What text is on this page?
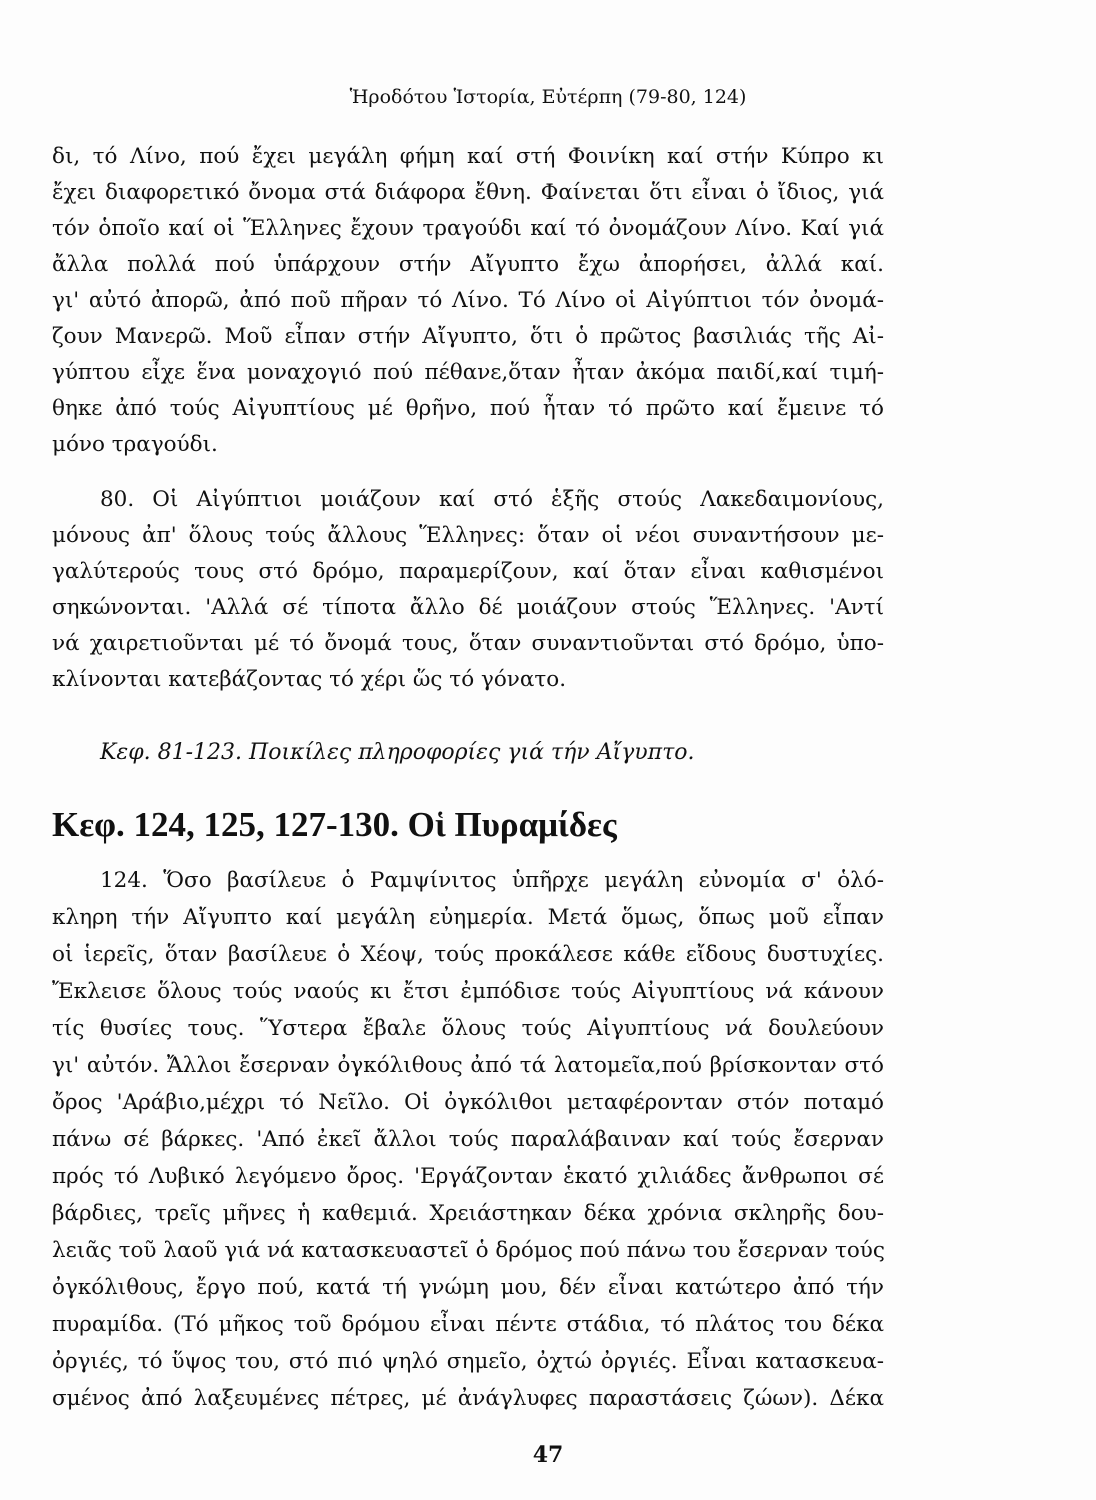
Ἡροδότου Ἱστορία, Εὐτέρπη (79-80, 124)
δι, τό Λίνο, πού ἔχει μεγάλη φήμη καί στή Φοινίκη καί στήν Κύπρο κι
ἔχει διαφορετικό ὄνομα στά διάφορα ἔθνη. Φαίνεται ὅτι εἶναι ὁ ἴδιος, γιά
τόν ὁποῖο καί οἱ Ἕλληνες ἔχουν τραγούδι καί τό ὀνομάζουν Λίνο. Καί γιά
ἄλλα πολλά πού ὑπάρχουν στήν Αἴγυπτο ἔχω ἀπορήσει, ἀλλά καί.
γι' αὐτό ἀπορῶ, ἀπό ποῦ πῆραν τό Λίνο. Τό Λίνο οἱ Αἰγύπτιοι τόν ὀνομά-
ζουν Μανερῶ. Μοῦ εἶπαν στήν Αἴγυπτο, ὅτι ὁ πρῶτος βασιλιάς τῆς Αἰ-
γύπτου εἶχε ἕνα μοναχογιό πού πέθανε,ὅταν ἦταν ἀκόμα παιδί,καί τιμή-
θηκε ἀπό τούς Αἰγυπτίους μέ θρῆνο, πού ἦταν τό πρῶτο καί ἔμεινε τό
μόνο τραγούδι.
80. Οἱ Αἰγύπτιοι μοιάζουν καί στό ἑξῆς στούς Λακεδαιμονίους,
μόνους ἀπ' ὅλους τούς ἄλλους Ἕλληνες: ὅταν οἱ νέοι συναντήσουν με-
γαλύτερούς τους στό δρόμο, παραμερίζουν, καί ὅταν εἶναι καθισμένοι
σηκώνονται. 'Αλλά σέ τίποτα ἄλλο δέ μοιάζουν στούς Ἕλληνες. 'Αντί
νά χαιρετιοῦνται μέ τό ὄνομά τους, ὅταν συναντιοῦνται στό δρόμο, ὑπο-
κλίνονται κατεβάζοντας τό χέρι ὥς τό γόνατο.
Κεφ. 81-123. Ποικίλες πληροφορίες γιά τήν Αἴγυπτο.
Κεφ. 124, 125, 127-130. Οἱ Πυραμίδες
124. Ὅσο βασίλευε ὁ Ραμψίνιτος ὑπῆρχε μεγάλη εὐνομία σ' ὁλό-
κληρη τήν Αἴγυπτο καί μεγάλη εὐημερία. Μετά ὅμως, ὅπως μοῦ εἶπαν
οἱ ἱερεῖς, ὅταν βασίλευε ὁ Χέοψ, τούς προκάλεσε κάθε εἴδους δυστυχίες.
Ἔκλεισε ὅλους τούς ναούς κι ἔτσι ἐμπόδισε τούς Αἰγυπτίους νά κάνουν
τίς θυσίες τους. Ὕστερα ἔβαλε ὅλους τούς Αἰγυπτίους νά δουλεύουν
γι' αὐτόν. Ἄλλοι ἔσερναν ὀγκόλιθους ἀπό τά λατομεῖα,πού βρίσκονταν στό
ὄρος 'Αράβιο,μέχρι τό Νεῖλο. Οἱ ὀγκόλιθοι μεταφέρονταν στόν ποταμό
πάνω σέ βάρκες. 'Από ἐκεῖ ἄλλοι τούς παραλάβαιναν καί τούς ἔσερναν
πρός τό Λυβικό λεγόμενο ὄρος. 'Εργάζονταν ἑκατό χιλιάδες ἄνθρωποι σέ
βάρδιες, τρεῖς μῆνες ἡ καθεμιά. Χρειάστηκαν δέκα χρόνια σκληρῆς δου-
λειᾶς τοῦ λαοῦ γιά νά κατασκευαστεῖ ὁ δρόμος πού πάνω του ἔσερναν τούς
ὀγκόλιθους, ἔργο πού, κατά τή γνώμη μου, δέν εἶναι κατώτερο ἀπό τήν
πυραμίδα. (Τό μῆκος τοῦ δρόμου εἶναι πέντε στάδια, τό πλάτος του δέκα
ὀργιές, τό ὕψος του, στό πιό ψηλό σημεῖο, ὀχτώ ὀργιές. Εἶναι κατασκευα-
σμένος ἀπό λαξευμένες πέτρες, μέ ἀνάγλυφες παραστάσεις ζώων). Δέκα
47
